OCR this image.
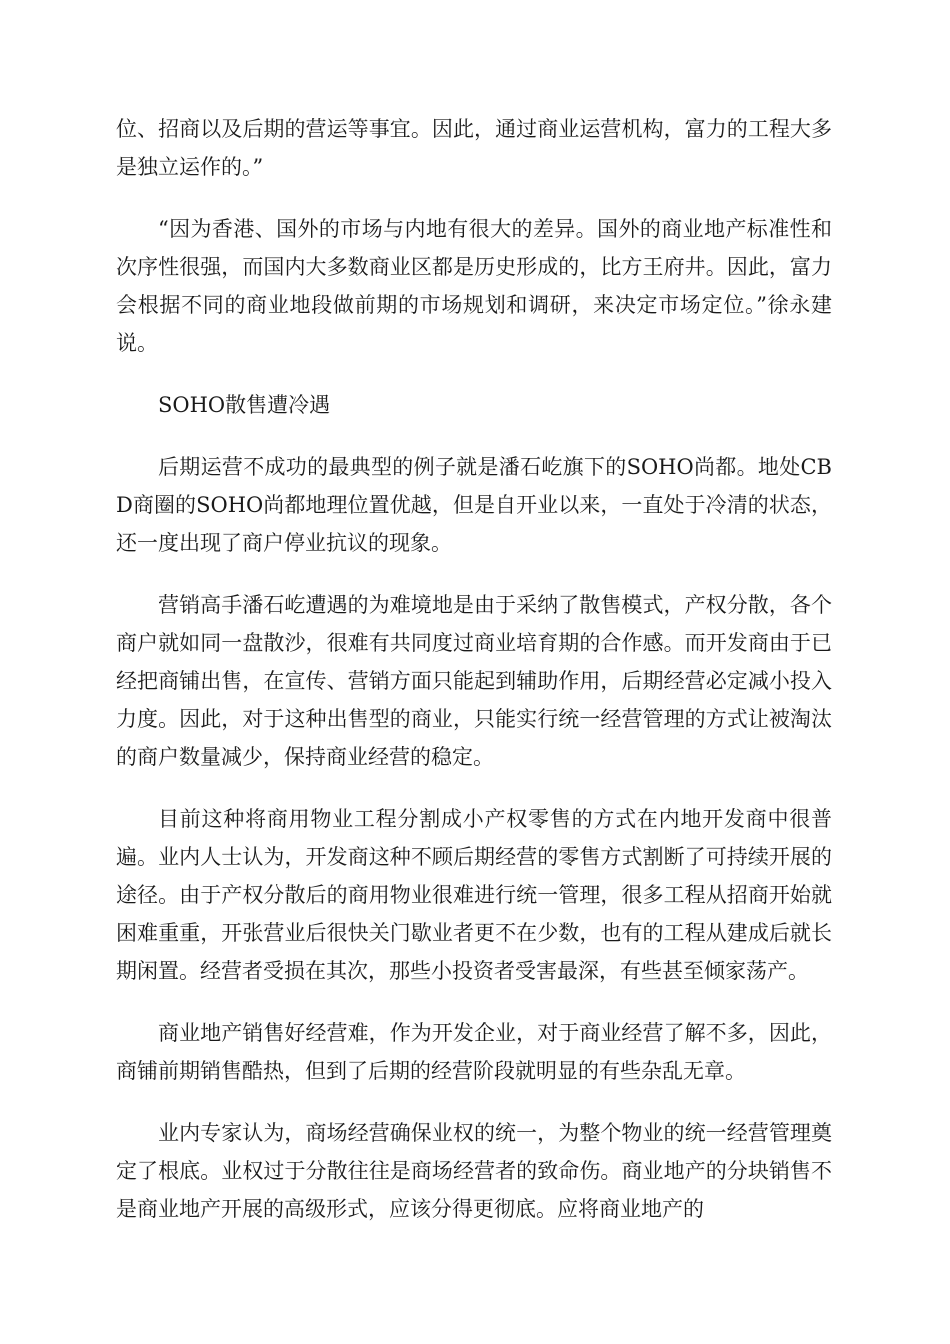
位、招商以及后期的营运等事宜。因此，通过商业运营机构，富力的工程大多是独立运作的。”

“因为香港、国外的市场与内地有很大的差异。国外的商业地产标准性和次序性很强，而国内大多数商业区都是历史形成的，比方王府井。因此，富力会根据不同的商业地段做前期的市场规划和调研，来决定市场定位。”徐永建说。

SOHO散售遭冷遇

后期运营不成功的最典型的例子就是潘石屹旗下的SOHO尚都。地处CBD商圈的SOHO尚都地理位置优越，但是自开业以来，一直处于冷清的状态，还一度出现了商户停业抗议的现象。

营销高手潘石屹遭遇的为难境地是由于采纳了散售模式，产权分散，各个商户就如同一盘散沙，很难有共同度过商业培育期的合作感。而开发商由于已经把商铺出售，在宣传、营销方面只能起到辅助作用，后期经营必定减小投入力度。因此，对于这种出售型的商业，只能实行统一经营管理的方式让被淘汰的商户数量减少，保持商业经营的稳定。

目前这种将商用物业工程分割成小产权零售的方式在内地开发商中很普遍。业内人士认为，开发商这种不顾后期经营的零售方式割断了可持续开展的途径。由于产权分散后的商用物业很难进行统一管理，很多工程从招商开始就困难重重，开张营业后很快关门歇业者更不在少数，也有的工程从建成后就长期闲置。经营者受损在其次，那些小投资者受害最深，有些甚至倾家荡产。

商业地产销售好经营难，作为开发企业，对于商业经营了解不多，因此，商铺前期销售酷热，但到了后期的经营阶段就明显的有些杂乱无章。

业内专家认为，商场经营确保业权的统一，为整个物业的统一经营管理奠定了根底。业权过于分散往往是商场经营者的致命伤。商业地产的分块销售不是商业地产开展的高级形式，应该分得更彻底。应将商业地产的
